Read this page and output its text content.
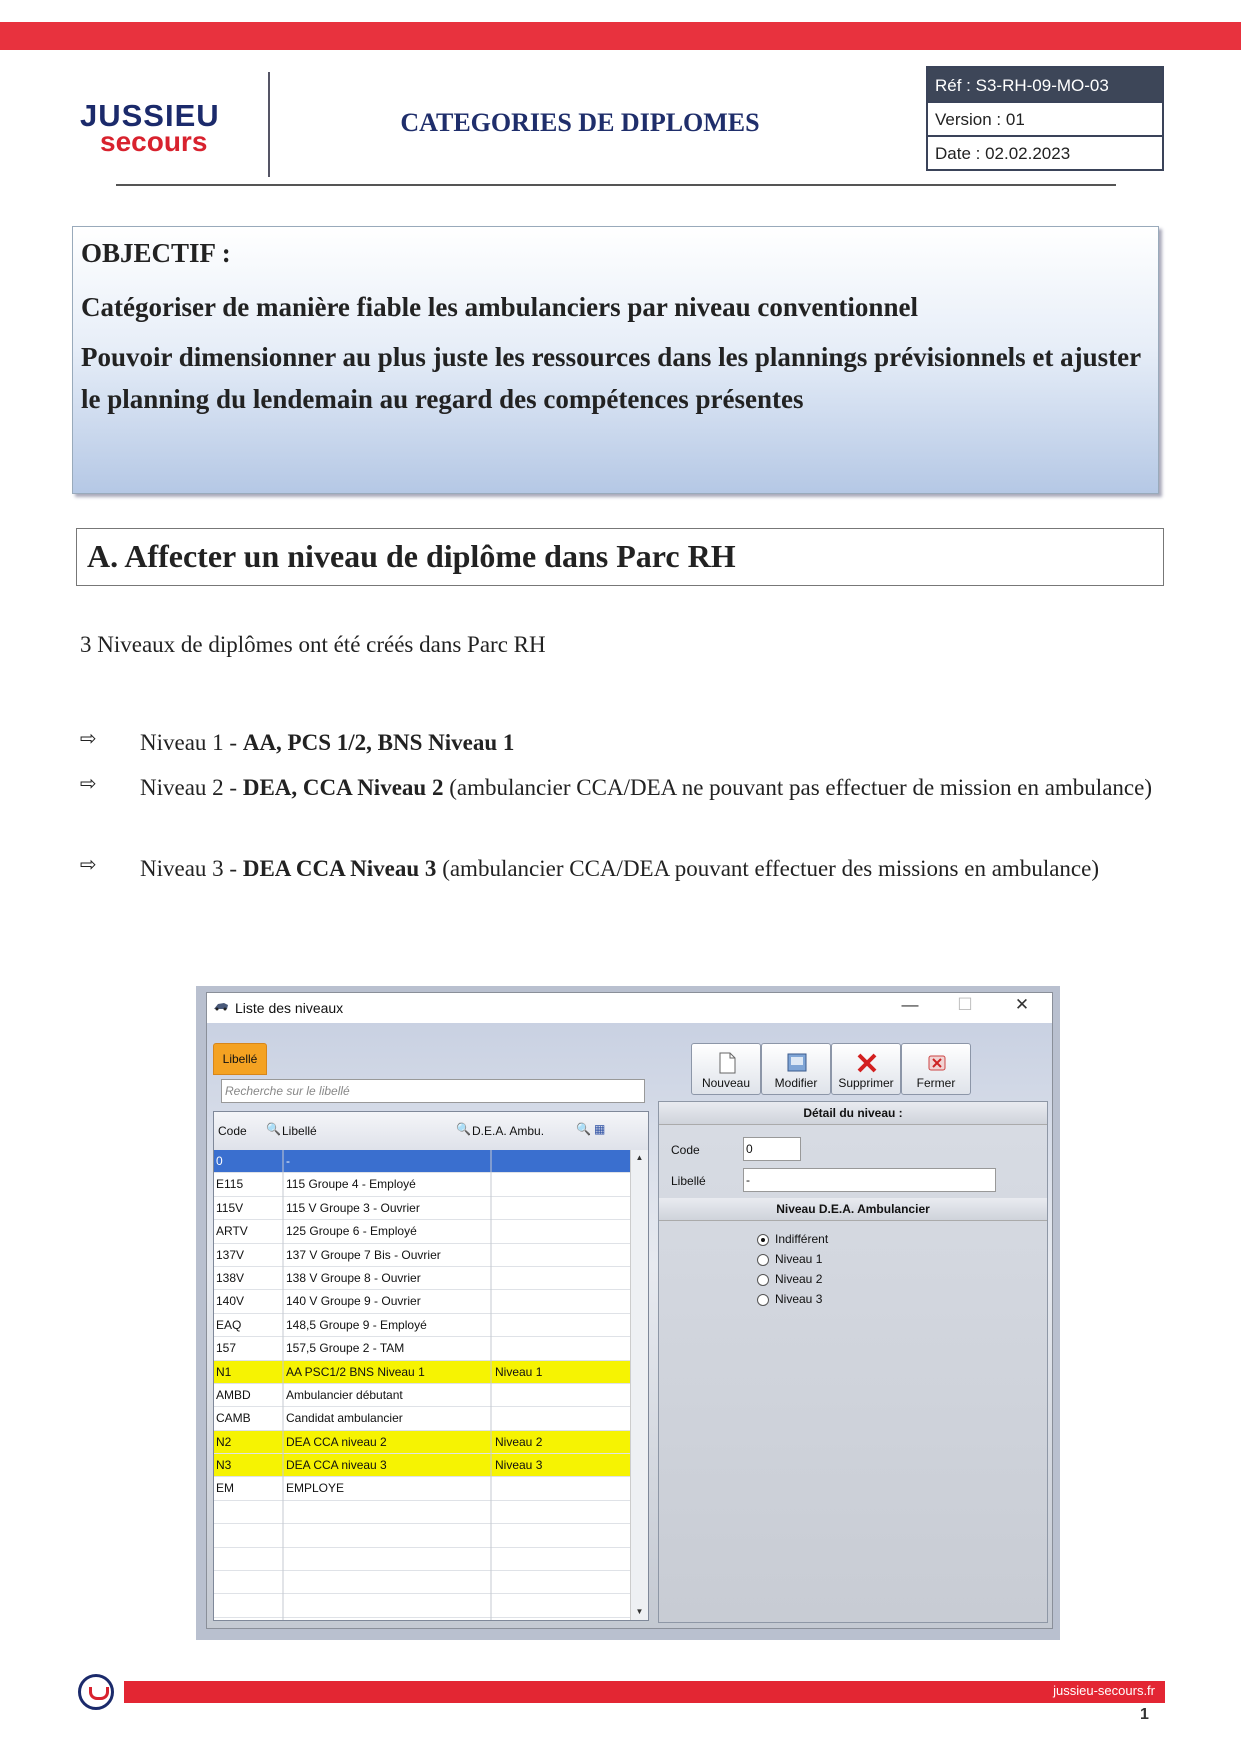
JUSSIEU
secours
CATEGORIES DE DIPLOMES
Réf : S3-RH-09-MO-03
Version : 01
Date : 02.02.2023

OBJECTIF :

Catégoriser de manière fiable les ambulanciers par niveau conventionnel

Pouvoir dimensionner au plus juste les ressources dans les plannings prévisionnels et ajuster le planning du lendemain au regard des compétences présentes

A. Affecter un niveau de diplôme dans Parc RH
3 Niveaux de diplômes ont été créés dans Parc RH
⇨ Niveau 1 - AA, PCS 1/2, BNS Niveau 1
⇨ Niveau 2 - DEA, CCA Niveau 2 (ambulancier CCA/DEA ne pouvant pas effectuer de mission en ambulance)
⇨ Niveau 3 - DEA CCA Niveau 3 (ambulancier CCA/DEA pouvant effectuer des missions en ambulance)
Liste des niveaux	—	☐	✕
Libellé
Recherche sur le libellé
Code 🔍 Libellé	🔍 D.E.A. Ambu.	🔍 ▦
0	-
E115	115 Groupe 4 - Employé
115V	115 V Groupe 3 - Ouvrier
ARTV	125 Groupe 6 - Employé
137V	137 V Groupe 7 Bis - Ouvrier
138V	138 V Groupe 8 - Ouvrier
140V	140 V Groupe 9 - Ouvrier
EAQ	148,5 Groupe 9 - Employé
157	157,5 Groupe 2 - TAM
N1	AA PSC1/2 BNS Niveau 1	Niveau 1
AMBD	Ambulancier débutant
CAMB	Candidat ambulancier
N2	DEA CCA niveau 2	Niveau 2
N3	DEA CCA niveau 3	Niveau 3
EM	EMPLOYE
▲
▼
Nouveau	Modifier	Supprimer	Fermer
Détail du niveau :
Code	0
Libellé	-
Niveau D.E.A. Ambulancier
Indifférent
Niveau 1
Niveau 2
Niveau 3
jussieu-secours.fr
1
